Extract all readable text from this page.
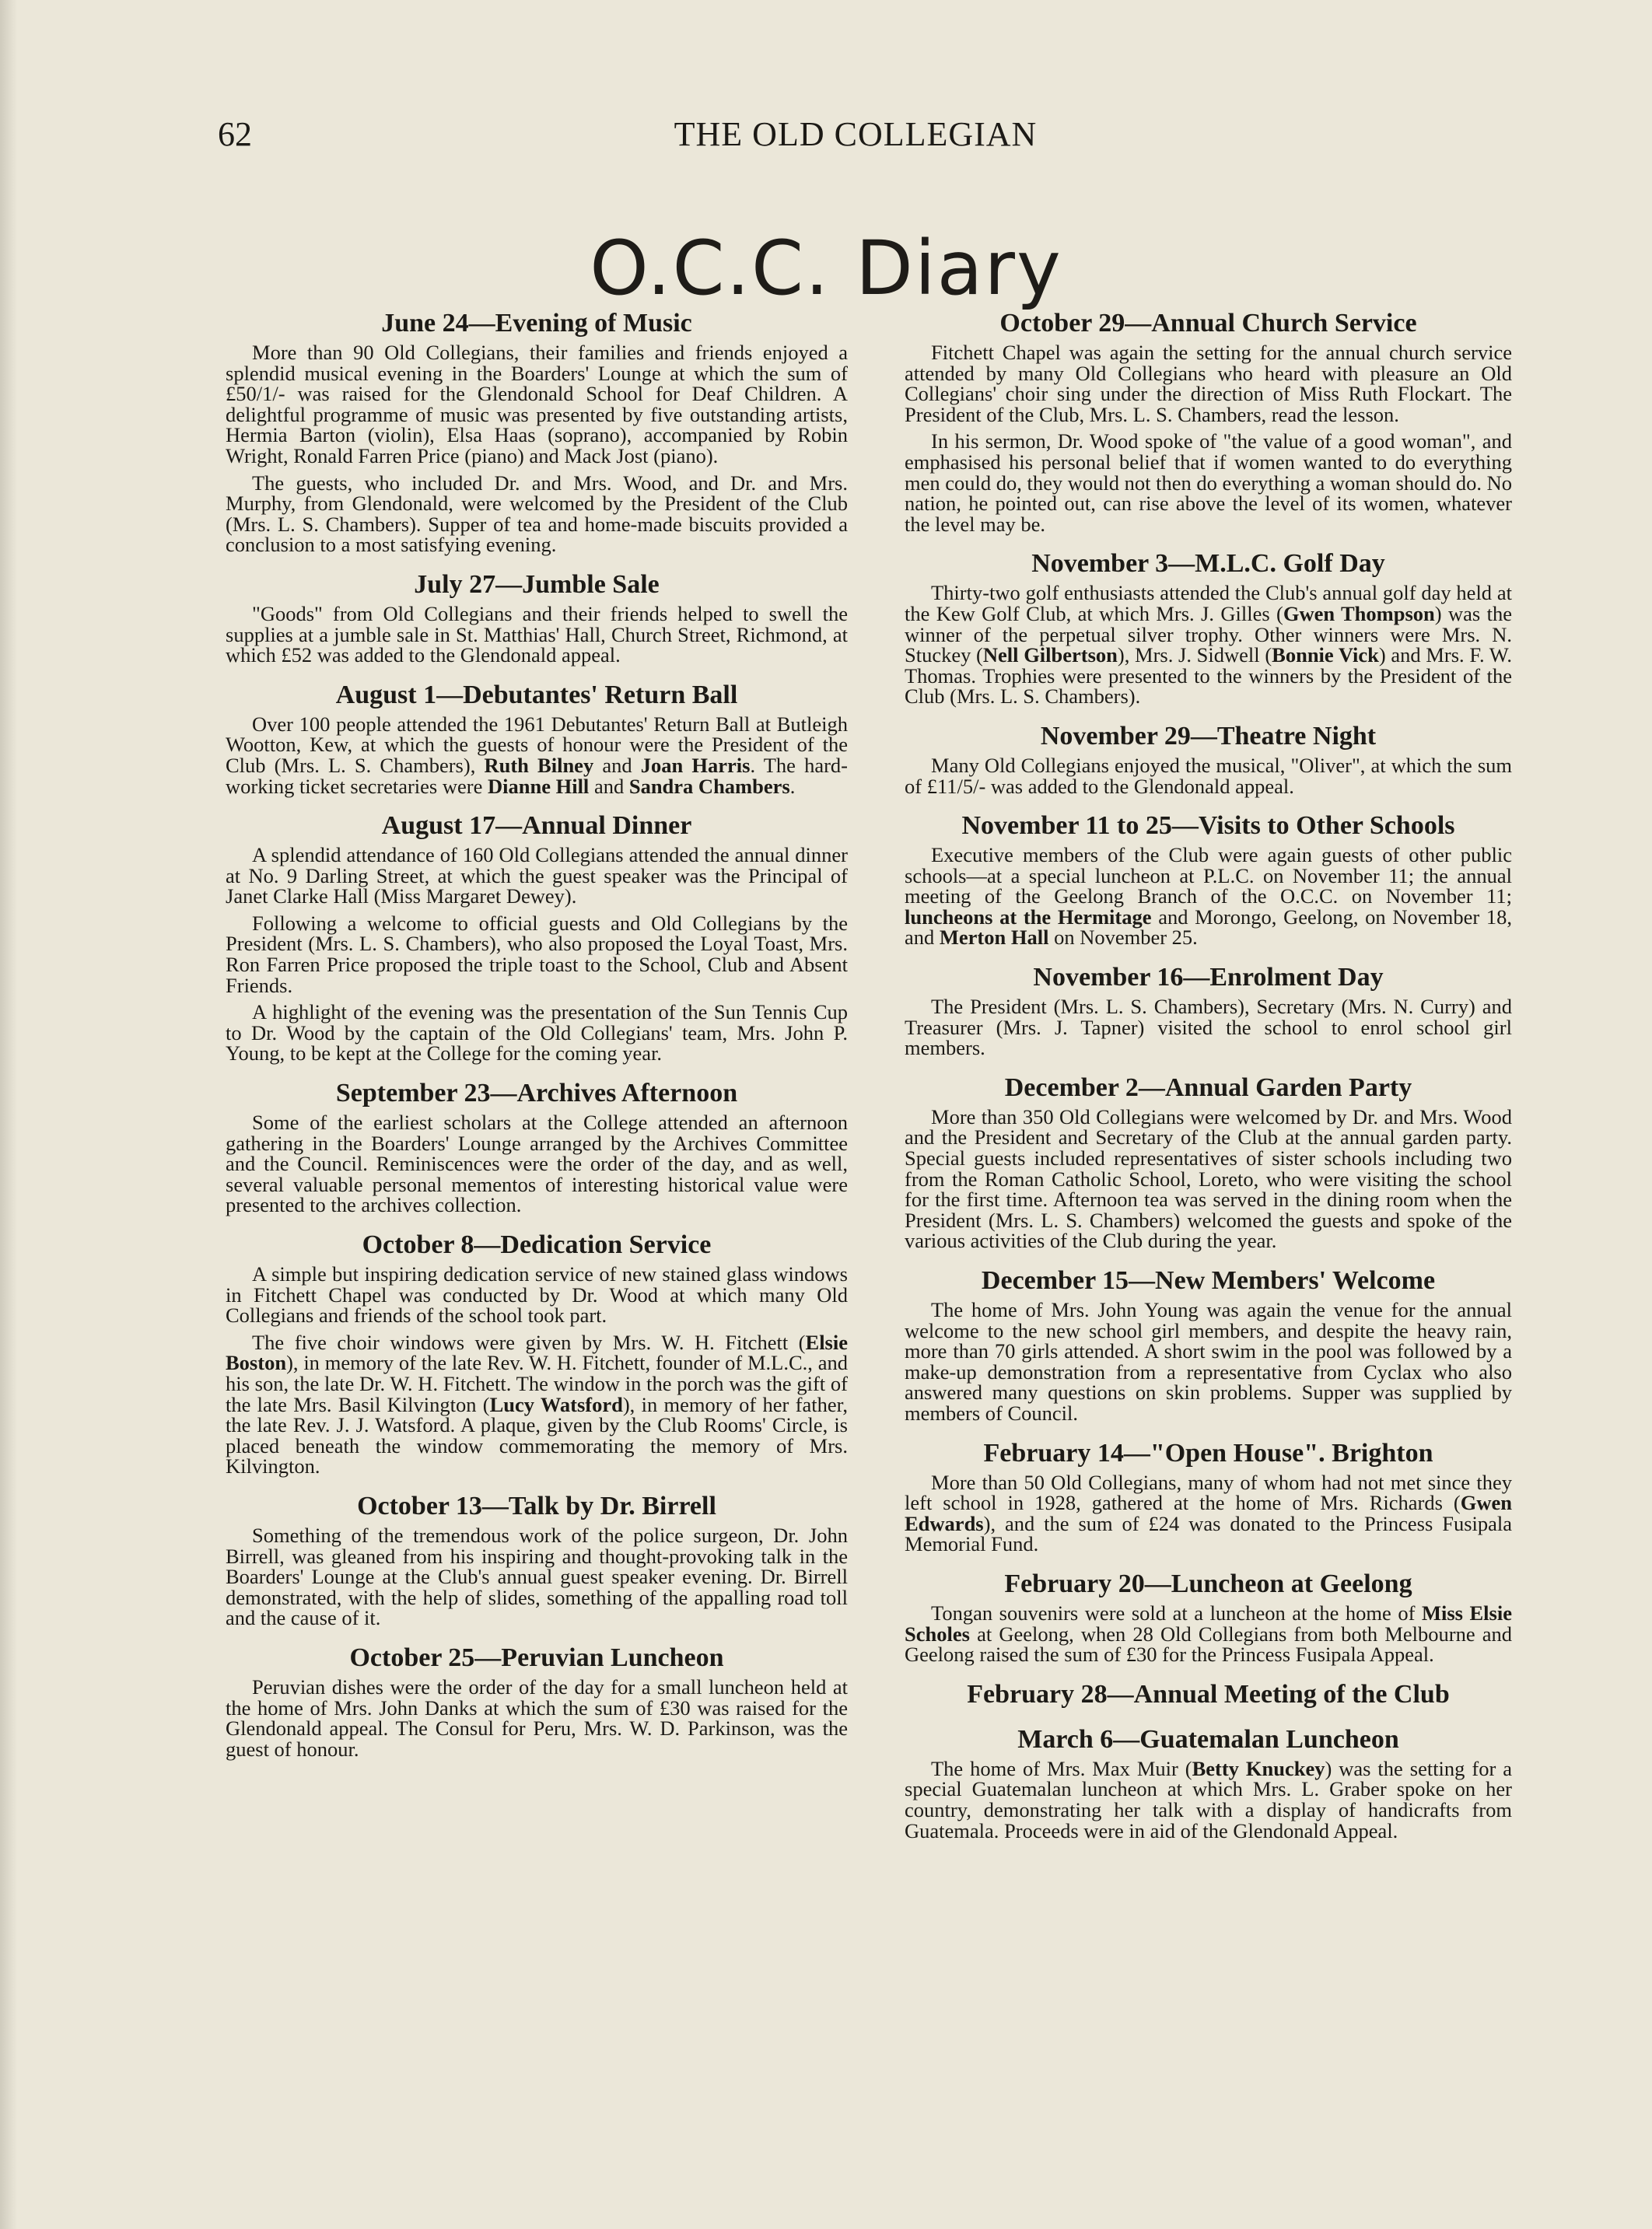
62	THE OLD COLLEGIAN
O.C.C. Diary
June 24—Evening of Music

More than 90 Old Collegians, their families and friends enjoyed a splendid musical evening in the Boarders' Lounge at which the sum of £50/1/- was raised for the Glendonald School for Deaf Children. A delightful programme of music was presented by five outstanding artists, Hermia Barton (violin), Elsa Haas (soprano), accompanied by Robin Wright, Ronald Farren Price (piano) and Mack Jost (piano).

The guests, who included Dr. and Mrs. Wood, and Dr. and Mrs. Murphy, from Glendonald, were welcomed by the President of the Club (Mrs. L. S. Chambers). Supper of tea and home-made biscuits provided a conclusion to a most satisfying evening.

July 27—Jumble Sale

"Goods" from Old Collegians and their friends helped to swell the supplies at a jumble sale in St. Matthias' Hall, Church Street, Richmond, at which £52 was added to the Glendonald appeal.

August 1—Debutantes' Return Ball

Over 100 people attended the 1961 Debutantes' Return Ball at Butleigh Wootton, Kew, at which the guests of honour were the President of the Club (Mrs. L. S. Chambers), Ruth Bilney and Joan Harris. The hard-working ticket secretaries were Dianne Hill and Sandra Chambers.

August 17—Annual Dinner

A splendid attendance of 160 Old Collegians attended the annual dinner at No. 9 Darling Street, at which the guest speaker was the Principal of Janet Clarke Hall (Miss Margaret Dewey).

Following a welcome to official guests and Old Collegians by the President (Mrs. L. S. Chambers), who also proposed the Loyal Toast, Mrs. Ron Farren Price proposed the triple toast to the School, Club and Absent Friends.

A highlight of the evening was the presentation of the Sun Tennis Cup to Dr. Wood by the captain of the Old Collegians' team, Mrs. John P. Young, to be kept at the College for the coming year.

September 23—Archives Afternoon

Some of the earliest scholars at the College attended an afternoon gathering in the Boarders' Lounge arranged by the Archives Committee and the Council. Reminiscences were the order of the day, and as well, several valuable personal mementos of interesting historical value were presented to the archives collection.

October 8—Dedication Service

A simple but inspiring dedication service of new stained glass windows in Fitchett Chapel was conducted by Dr. Wood at which many Old Collegians and friends of the school took part.

The five choir windows were given by Mrs. W. H. Fitchett (Elsie Boston), in memory of the late Rev. W. H. Fitchett, founder of M.L.C., and his son, the late Dr. W. H. Fitchett. The window in the porch was the gift of the late Mrs. Basil Kilvington (Lucy Watsford), in memory of her father, the late Rev. J. J. Watsford. A plaque, given by the Club Rooms' Circle, is placed beneath the window commemorating the memory of Mrs. Kilvington.

October 13—Talk by Dr. Birrell

Something of the tremendous work of the police surgeon, Dr. John Birrell, was gleaned from his inspiring and thought-provoking talk in the Boarders' Lounge at the Club's annual guest speaker evening. Dr. Birrell demonstrated, with the help of slides, something of the appalling road toll and the cause of it.

October 25—Peruvian Luncheon

Peruvian dishes were the order of the day for a small luncheon held at the home of Mrs. John Danks at which the sum of £30 was raised for the Glendonald appeal. The Consul for Peru, Mrs. W. D. Parkinson, was the guest of honour.

October 29—Annual Church Service

Fitchett Chapel was again the setting for the annual church service attended by many Old Collegians who heard with pleasure an Old Collegians' choir sing under the direction of Miss Ruth Flockart. The President of the Club, Mrs. L. S. Chambers, read the lesson.

In his sermon, Dr. Wood spoke of "the value of a good woman", and emphasised his personal belief that if women wanted to do everything men could do, they would not then do everything a woman should do. No nation, he pointed out, can rise above the level of its women, whatever the level may be.

November 3—M.L.C. Golf Day

Thirty-two golf enthusiasts attended the Club's annual golf day held at the Kew Golf Club, at which Mrs. J. Gilles (Gwen Thompson) was the winner of the perpetual silver trophy. Other winners were Mrs. N. Stuckey (Nell Gilbertson), Mrs. J. Sidwell (Bonnie Vick) and Mrs. F. W. Thomas. Trophies were presented to the winners by the President of the Club (Mrs. L. S. Chambers).

November 29—Theatre Night

Many Old Collegians enjoyed the musical, "Oliver", at which the sum of £11/5/- was added to the Glendonald appeal.

November 11 to 25—Visits to Other Schools

Executive members of the Club were again guests of other public schools—at a special luncheon at P.L.C. on November 11; the annual meeting of the Geelong Branch of the O.C.C. on November 11; luncheons at the Hermitage and Morongo, Geelong, on November 18, and Merton Hall on November 25.

November 16—Enrolment Day

The President (Mrs. L. S. Chambers), Secretary (Mrs. N. Curry) and Treasurer (Mrs. J. Tapner) visited the school to enrol school girl members.

December 2—Annual Garden Party

More than 350 Old Collegians were welcomed by Dr. and Mrs. Wood and the President and Secretary of the Club at the annual garden party. Special guests included representatives of sister schools including two from the Roman Catholic School, Loreto, who were visiting the school for the first time. Afternoon tea was served in the dining room when the President (Mrs. L. S. Chambers) welcomed the guests and spoke of the various activities of the Club during the year.

December 15—New Members' Welcome

The home of Mrs. John Young was again the venue for the annual welcome to the new school girl members, and despite the heavy rain, more than 70 girls attended. A short swim in the pool was followed by a make-up demonstration from a representative from Cyclax who also answered many questions on skin problems. Supper was supplied by members of Council.

February 14—"Open House". Brighton

More than 50 Old Collegians, many of whom had not met since they left school in 1928, gathered at the home of Mrs. Richards (Gwen Edwards), and the sum of £24 was donated to the Princess Fusipala Memorial Fund.

February 20—Luncheon at Geelong

Tongan souvenirs were sold at a luncheon at the home of Miss Elsie Scholes at Geelong, when 28 Old Collegians from both Melbourne and Geelong raised the sum of £30 for the Princess Fusipala Appeal.

February 28—Annual Meeting of the Club
March 6—Guatemalan Luncheon

The home of Mrs. Max Muir (Betty Knuckey) was the setting for a special Guatemalan luncheon at which Mrs. L. Graber spoke on her country, demonstrating her talk with a display of handicrafts from Guatemala. Proceeds were in aid of the Glendonald Appeal.
